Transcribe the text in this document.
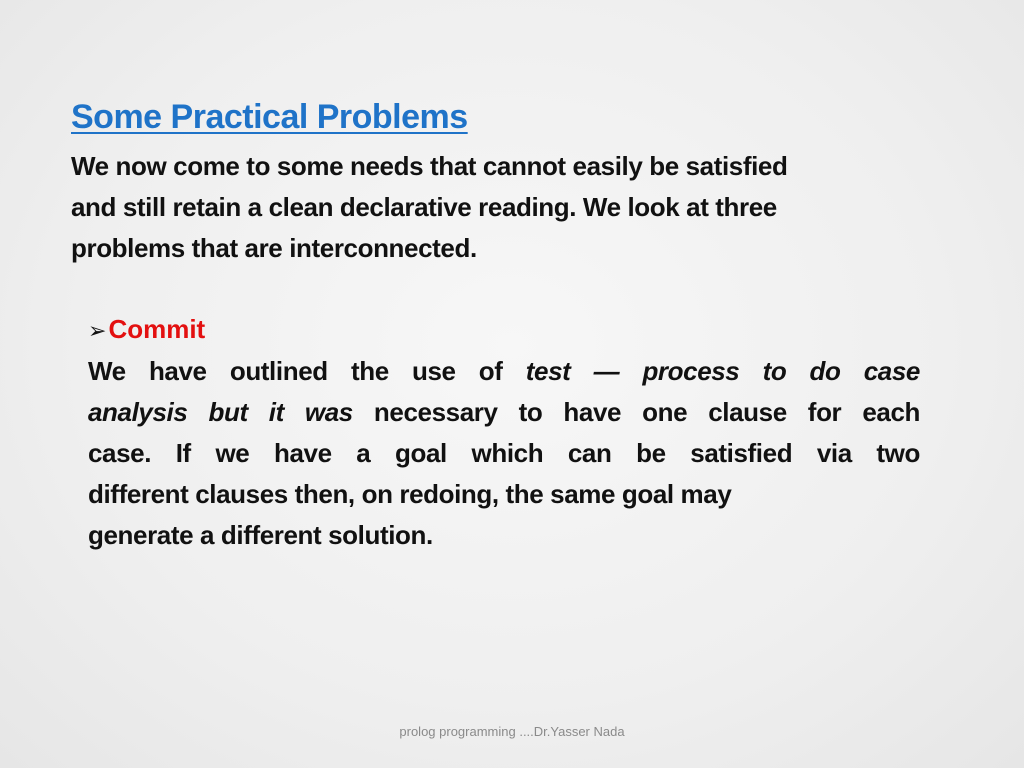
Some Practical Problems

We now come to some needs that cannot easily be satisfied
and still retain a clean declarative reading. We look at three
problems that are interconnected.

➢Commit

We have outlined the use of test — process to do case
analysis but it was necessary to have one clause for each
case. If we have a goal which can be satisfied via two
different clauses then, on redoing, the same goal may
generate a different solution.

prolog programming ....Dr.Yasser Nada
